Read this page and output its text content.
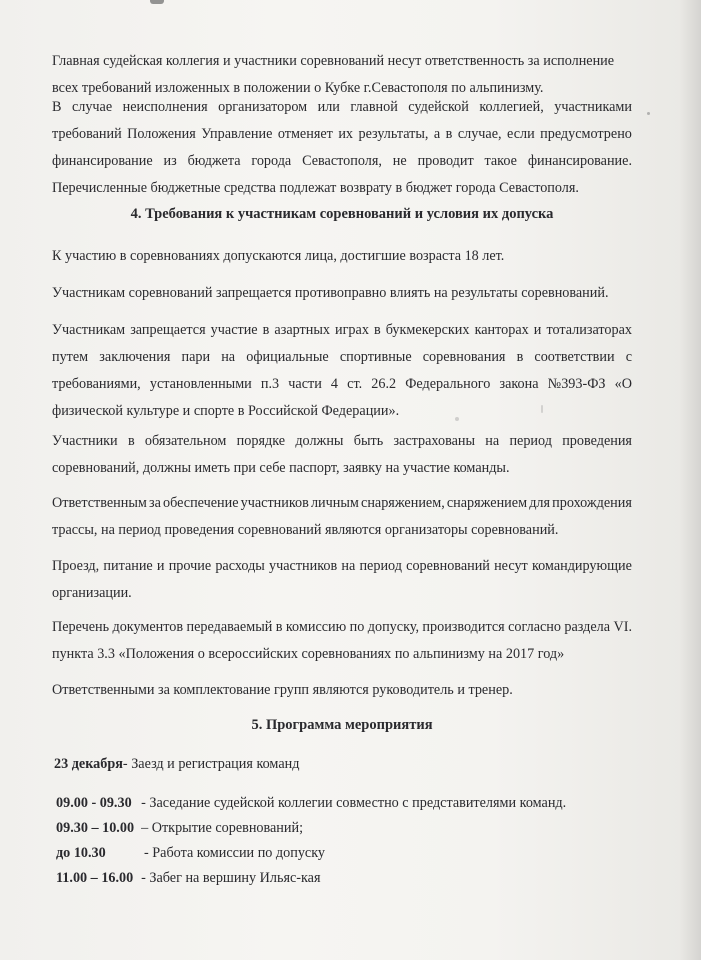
Главная судейская коллегия и участники соревнований несут ответственность за исполнение
всех требований изложенных в положении о Кубке г.Севастополя по альпинизму.
В случае неисполнения организатором или главной судейской коллегией, участниками
требований Положения Управление отменяет их результаты, а в случае, если предусмотрено
финансирование из бюджета города Севастополя, не проводит такое финансирование.
Перечисленные бюджетные средства подлежат возврату в бюджет города Севастополя.
4. Требования к участникам соревнований и условия их допуска
К участию в соревнованиях допускаются лица, достигшие возраста 18 лет.
Участникам соревнований запрещается противоправно влиять на результаты соревнований.
Участникам запрещается участие в азартных играх в букмекерских канторах и тотализаторах
путем заключения пари на официальные спортивные соревнования в соответствии с
требованиями, установленными п.3 части 4 ст. 26.2 Федерального закона №393-ФЗ «О
физической культуре и спорте в Российской Федерации».
Участники в обязательном порядке должны быть застрахованы на период проведения
соревнований, должны иметь при себе паспорт, заявку на участие команды.
Ответственным за обеспечение участников личным снаряжением, снаряжением для прохождения
трассы, на период проведения соревнований являются организаторы соревнований.
Проезд, питание и прочие расходы участников на период соревнований несут командирующие
организации.
Перечень документов передаваемый в комиссию по допуску, производится согласно раздела VI.
пункта 3.3 «Положения о всероссийских соревнованиях по альпинизму на 2017 год»
Ответственными за комплектование групп являются руководитель и тренер.
5. Программа мероприятия
23 декабря- Заезд и регистрация команд
09.00 - 09.30  - Заседание судейской коллегии совместно с представителями команд.
09.30 – 10.00  – Открытие соревнований;
до 10.30	- Работа комиссии по допуску
11.00 – 16.00  - Забег на вершину Ильяс-кая
